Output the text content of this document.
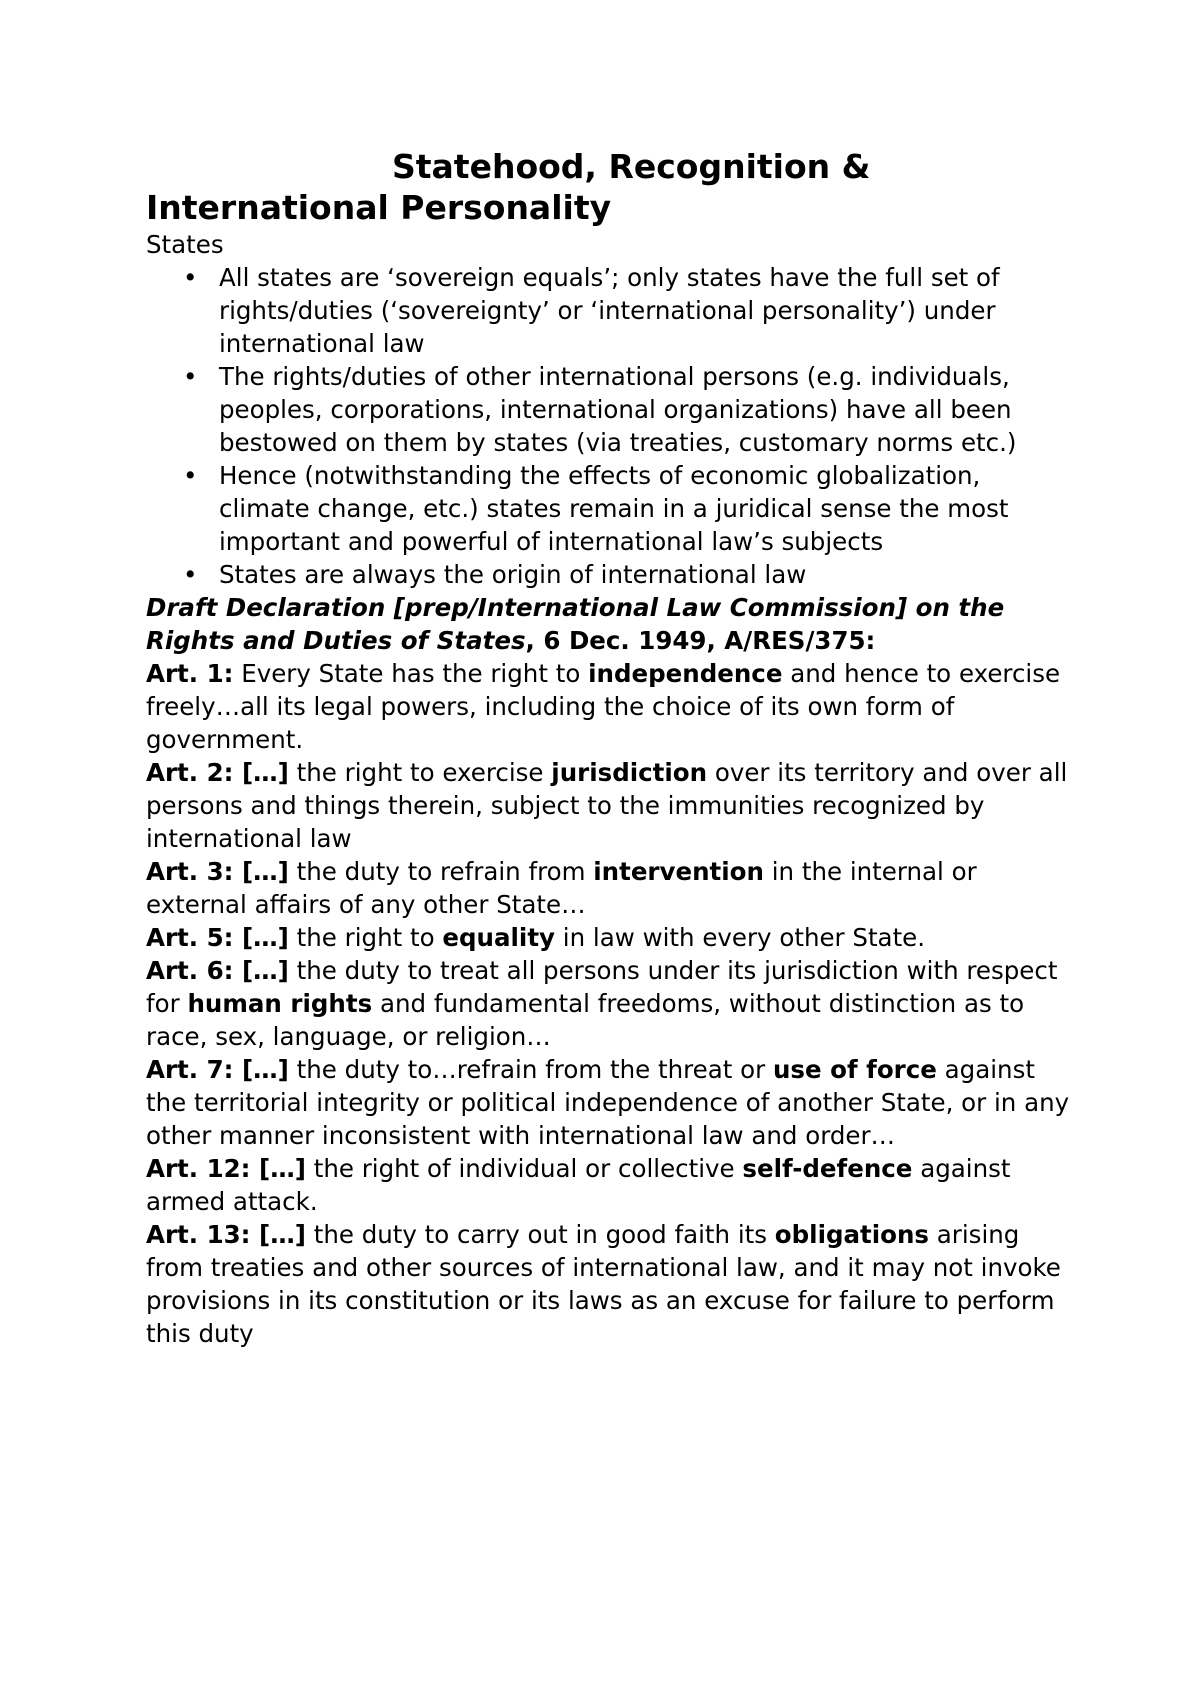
Statehood, Recognition &
International Personality

States

• All states are ‘sovereign equals’; only states have the full set of rights/duties (‘sovereignty’ or ‘international personality’) under international law
• The rights/duties of other international persons (e.g. individuals, peoples, corporations, international organizations) have all been bestowed on them by states (via treaties, customary norms etc.)
• Hence (notwithstanding the effects of economic globalization, climate change, etc.) states remain in a juridical sense the most important and powerful of international law’s subjects
• States are always the origin of international law

Draft Declaration [prep/International Law Commission] on the Rights and Duties of States, 6 Dec. 1949, A/RES/375:

Art. 1: Every State has the right to independence and hence to exercise freely…all its legal powers, including the choice of its own form of government.

Art. 2: […] the right to exercise jurisdiction over its territory and over all persons and things therein, subject to the immunities recognized by international law

Art. 3: […] the duty to refrain from intervention in the internal or external affairs of any other State…

Art. 5: […] the right to equality in law with every other State.

Art. 6: […] the duty to treat all persons under its jurisdiction with respect for human rights and fundamental freedoms, without distinction as to race, sex, language, or religion…

Art. 7: […] the duty to…refrain from the threat or use of force against the territorial integrity or political independence of another State, or in any other manner inconsistent with international law and order…

Art. 12: […] the right of individual or collective self-defence against armed attack.

Art. 13: […] the duty to carry out in good faith its obligations arising from treaties and other sources of international law, and it may not invoke provisions in its constitution or its laws as an excuse for failure to perform this duty
